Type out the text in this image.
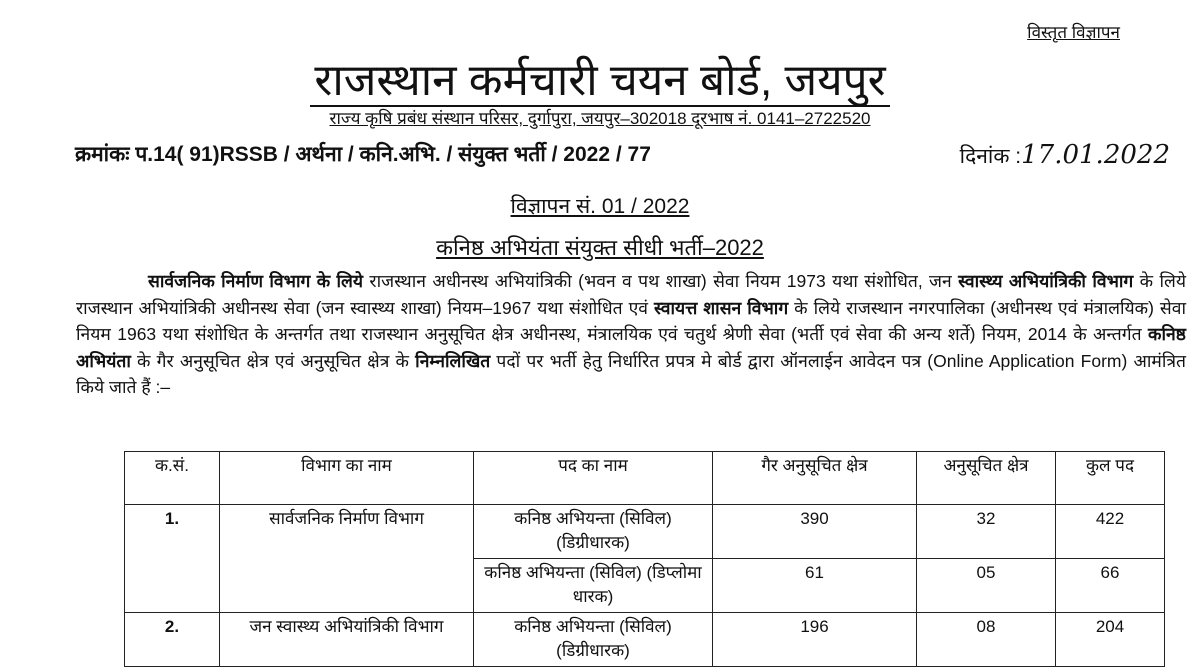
विस्तृत विज्ञापन
राजस्थान कर्मचारी चयन बोर्ड, जयपुर
राज्य कृषि प्रबंध संस्थान परिसर, दुर्गापुरा, जयपुर–302018 दूरभाष नं. 0141–2722520
क्रमांकः प.14( 91)RSSB / अर्थना / कनि.अभि. / संयुक्त भर्ती / 2022 / 77	दिनांक :17.01.2022
विज्ञापन सं. 01 / 2022
कनिष्ठ अभियंता संयुक्त सीधी भर्ती–2022
सार्वजनिक निर्माण विभाग के लिये राजस्थान अधीनस्थ अभियांत्रिकी (भवन व पथ शाखा) सेवा नियम 1973 यथा संशोधित, जन स्वास्थ्य अभियांत्रिकी विभाग के लिये राजस्थान अभियांत्रिकी अधीनस्थ सेवा (जन स्वास्थ्य शाखा) नियम–1967 यथा संशोधित एवं स्वायत्त शासन विभाग के लिये राजस्थान नगरपालिका (अधीनस्थ एवं मंत्रालयिक) सेवा नियम 1963 यथा संशोधित के अन्तर्गत तथा राजस्थान अनुसूचित क्षेत्र अधीनस्थ, मंत्रालयिक एवं चतुर्थ श्रेणी सेवा (भर्ती एवं सेवा की अन्य शर्ते) नियम, 2014 के अन्तर्गत कनिष्ठ अभियंता के गैर अनुसूचित क्षेत्र एवं अनुसूचित क्षेत्र के निम्नलिखित पदों पर भर्ती हेतु निर्धारित प्रपत्र मे बोर्ड द्वारा ऑनलाईन आवेदन पत्र (Online Application Form) आमंत्रित किये जाते हैं :–
क.सं.	विभाग का नाम	पद का नाम	गैर अनुसूचित क्षेत्र	अनुसूचित क्षेत्र	कुल पद
1.	सार्वजनिक निर्माण विभाग	कनिष्ठ अभियन्ता (सिविल) (डिग्रीधारक)	390	32	422
		कनिष्ठ अभियन्ता (सिविल) (डिप्लोमा धारक)	61	05	66
2.	जन स्वास्थ्य अभियांत्रिकी विभाग	कनिष्ठ अभियन्ता (सिविल) (डिग्रीधारक)	196	08	204
